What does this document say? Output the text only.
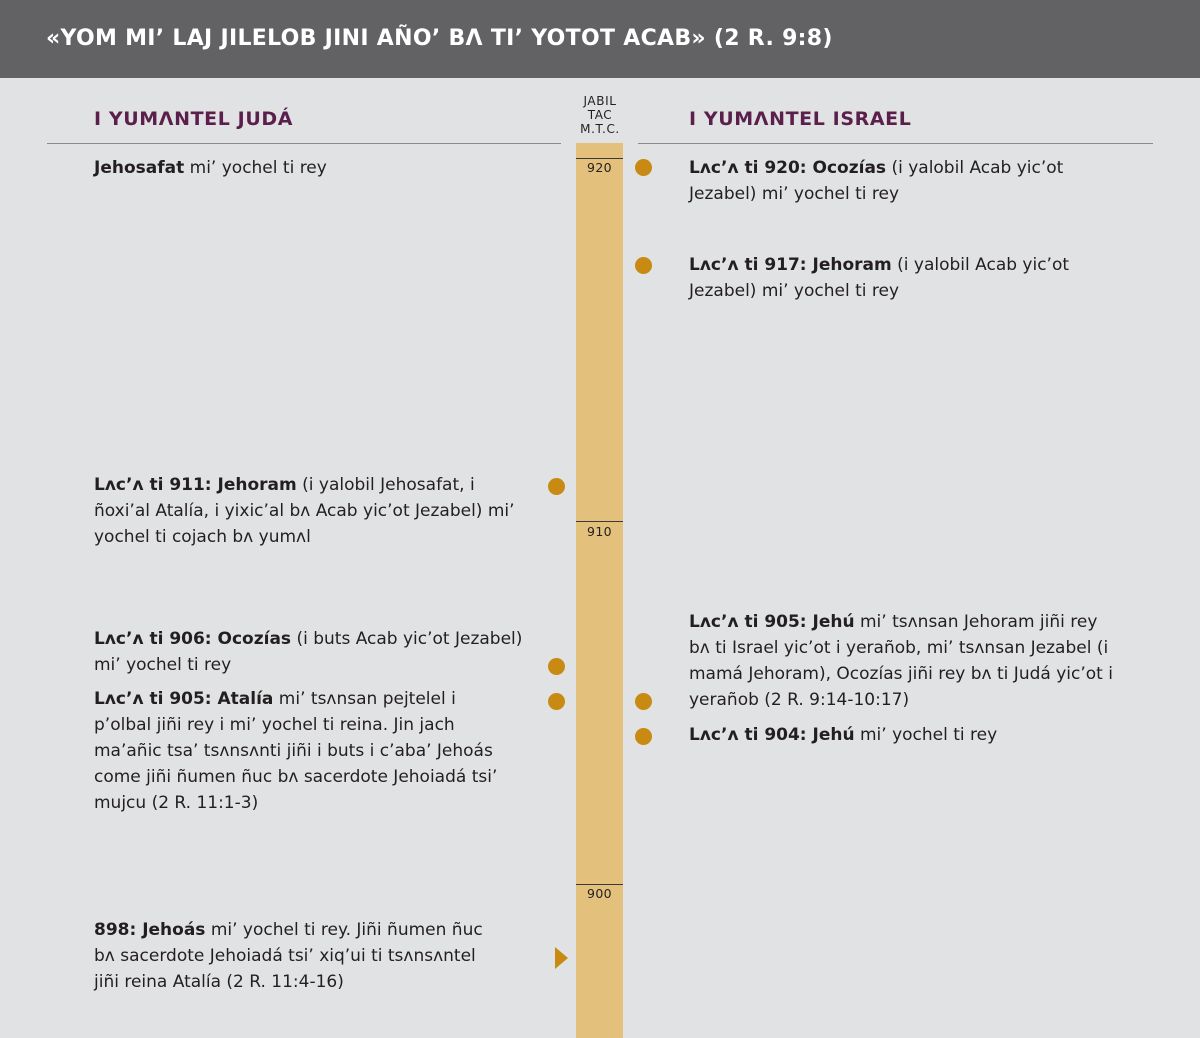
«YOM MI’ LAJ JILELOB JINI AÑO’ BɅ TI’ YOTOT ACAB» (2 R. 9:8)
I YUMɅNTEL JUDÁ	I YUMɅNTEL ISRAEL
JABIL
TAC
M.T.C.
920
910
900
Jehosafat mi’ yochel ti rey
Lʌc’ʌ ti 911: Jehoram (i yalobil Jehosafat, i ñoxi’al Atalía, i yixic’al bʌ Acab yic’ot Jezabel) mi’ yochel ti cojach bʌ yumʌl
Lʌc’ʌ ti 906: Ocozías (i buts Acab yic’ot Jezabel) mi’ yochel ti rey
Lʌc’ʌ ti 905: Atalía mi’ tsʌnsan pejtelel i p’olbal jiñi rey i mi’ yochel ti reina. Jin jach ma’añic tsa’ tsʌnsʌnti jiñi i buts i c’aba’ Jehoás come jiñi ñumen ñuc bʌ sacerdote Jehoiadá tsi’ mujcu (2 R. 11:1-3)
898: Jehoás mi’ yochel ti rey. Jiñi ñumen ñuc bʌ sacerdote Jehoiadá tsi’ xiq’ui ti tsʌnsʌntel jiñi reina Atalía (2 R. 11:4-16)
Lʌc’ʌ ti 920: Ocozías (i yalobil Acab yic’ot Jezabel) mi’ yochel ti rey
Lʌc’ʌ ti 917: Jehoram (i yalobil Acab yic’ot Jezabel) mi’ yochel ti rey
Lʌc’ʌ ti 905: Jehú mi’ tsʌnsan Jehoram jiñi rey bʌ ti Israel yic’ot i yerañob, mi’ tsʌnsan Jezabel (i mamá Jehoram), Ocozías jiñi rey bʌ ti Judá yic’ot i yerañob (2 R. 9:14-10:17)
Lʌc’ʌ ti 904: Jehú mi’ yochel ti rey
